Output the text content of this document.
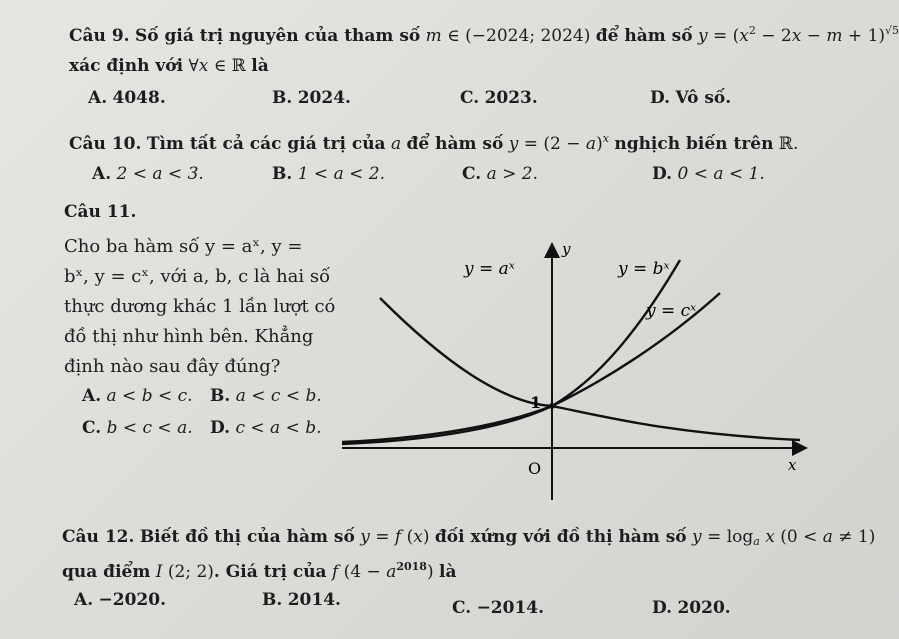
Câu 9. Số giá trị nguyên của tham số m ∈ (−2024; 2024) để hàm số $y = (x^2 - 2x - m + 1)^{√5}$
xác định với ∀x ∈ ℝ là
A. 4048.	B. 2024.	C. 2023.	D. Vô số.
Câu 10. Tìm tất cả các giá trị của a để hàm số $y = (2 - a)^x$ nghịch biến trên ℝ.
A. 2 < a < 3.	B. 1 < a < 2.	C. a > 2.	D. 0 < a < 1.
Câu 11.
Cho ba hàm số y = aˣ, y =
bˣ, y = cˣ, với a, b, c là hai số
thực dương khác 1 lần lượt có
đồ thị như hình bên. Khẳng
định nào sau đây đúng?
A. a < b < c. B. a < c < b.
C. b < c < a. D. c < a < b.
1
O
y
x
y = aˣ	y = bˣ
y = cˣ
Câu 12. Biết đồ thị của hàm số y = f (x) đối xứng với đồ thị hàm số $y = \log_a x$ (0 < a ≠ 1)
qua điểm I (2; 2). Giá trị của f $(4 - a^{2018})$ là
A. −2020.	B. 2014.	C. −2014.	D. 2020.
